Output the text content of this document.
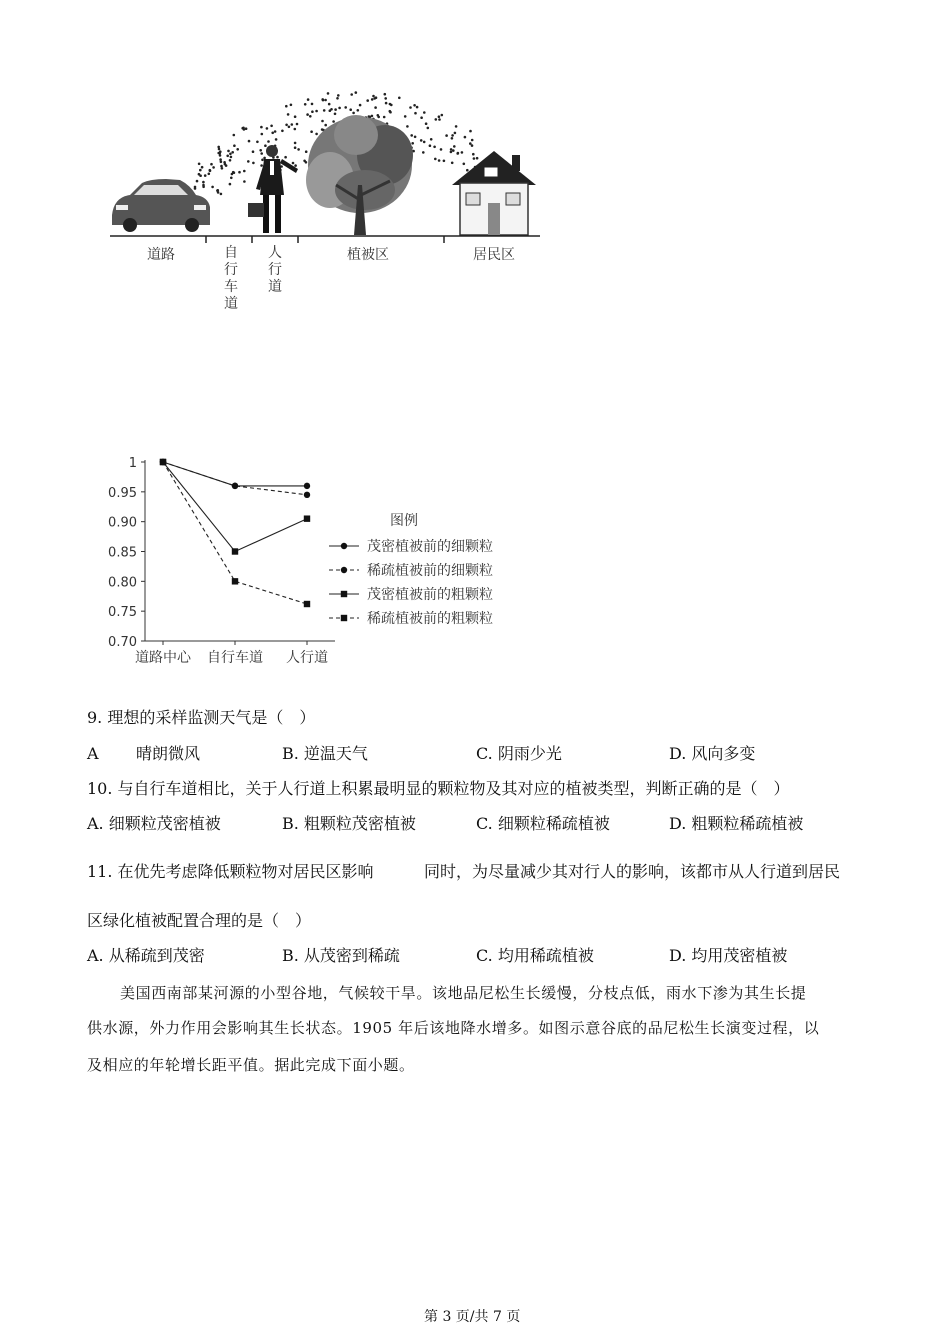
道路	自行车道
人行道
植被区	居民区
0.70
0.75
0.80
0.85
0.90
0.95
1
道路中心 自行车道 人行道
图例
茂密植被前的细颗粒
稀疏植被前的细颗粒
茂密植被前的粗颗粒
稀疏植被前的粗颗粒
9. 理想的采样监测天气是（　）
A 晴朗微风	B. 逆温天气	C. 阴雨少光	D. 风向多变
10. 与自行车道相比，关于人行道上积累最明显的颗粒物及其对应的植被类型，判断正确的是（　）
A. 细颗粒茂密植被	B. 粗颗粒茂密植被	C. 细颗粒稀疏植被	D. 粗颗粒稀疏植被
11. 在优先考虑降低颗粒物对居民区影响	同时，为尽量减少其对行人的影响，该都市从人行道到居民
区绿化植被配置合理的是（　）
A. 从稀疏到茂密	B. 从茂密到稀疏	C. 均用稀疏植被	D. 均用茂密植被
美国西南部某河源的小型谷地，气候较干旱。该地品尼松生长缓慢，分枝点低，雨水下渗为其生长提
供水源，外力作用会影响其生长状态。1905 年后该地降水增多。如图示意谷底的品尼松生长演变过程，以
及相应的年轮增长距平值。据此完成下面小题。
第 3 页/共 7 页
